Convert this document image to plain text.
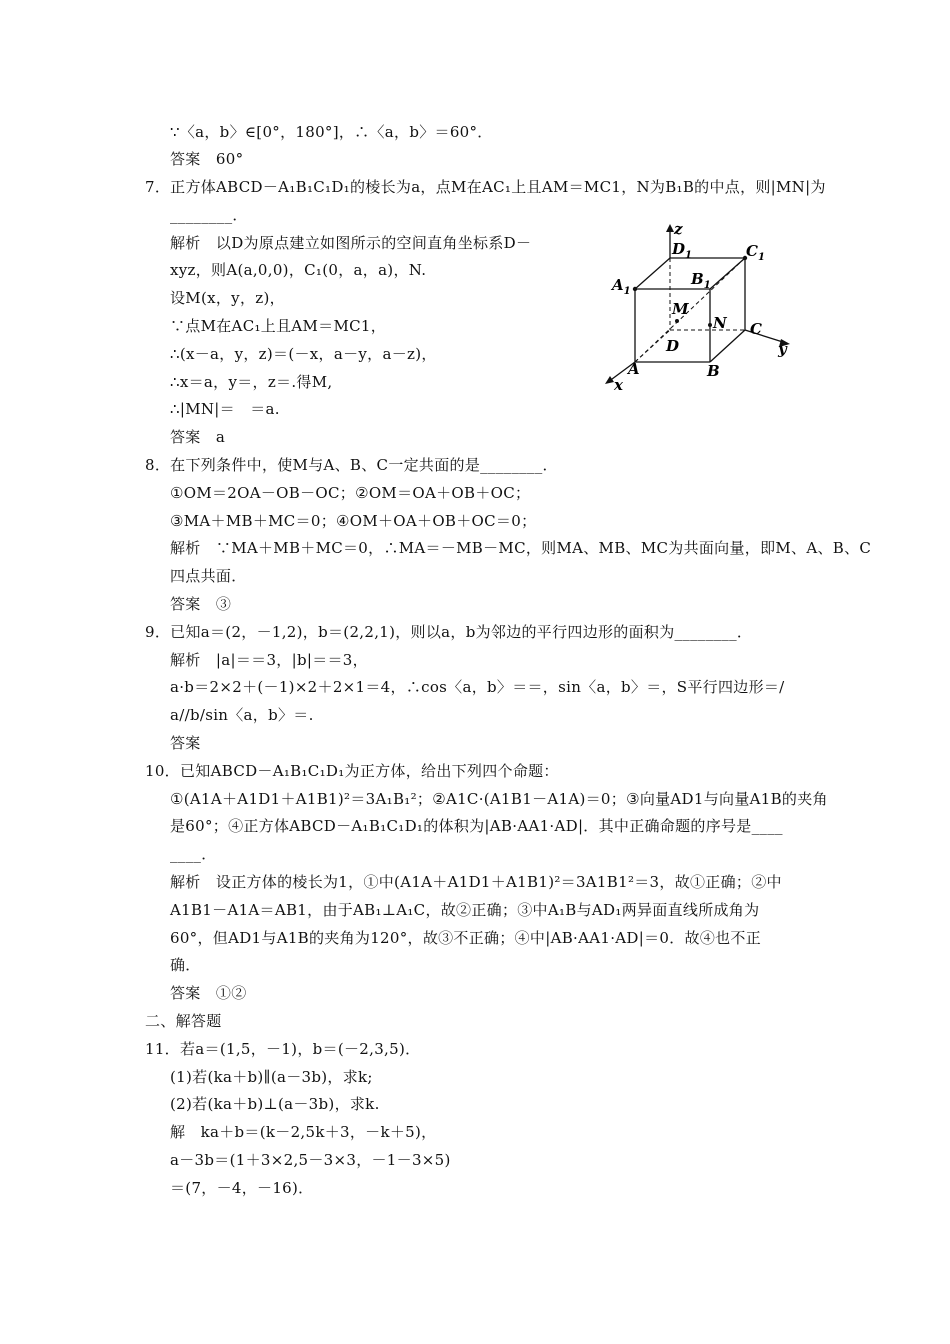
∵〈a，b〉∈[0°，180°]，∴〈a，b〉＝60°．
答案　60°
7．正方体ABCD－A₁B₁C₁D₁的棱长为a，点M在AC₁上且AM＝MC1，N为B₁B的中点，则|MN|为
________．
解析　以D为原点建立如图所示的空间直角坐标系D－
xyz，则A(a,0,0)，C₁(0，a，a)，N.
设M(x，y，z)，
∵点M在AC₁上且AM＝MC1，
∴(x－a，y，z)＝(－x，a－y，a－z)，
∴x＝a，y＝，z＝.得M,
∴|MN|＝　＝a.
答案　a
8．在下列条件中，使M与A、B、C一定共面的是________．
①OM＝2OA－OB－OC；②OM＝OA＋OB＋OC；
③MA＋MB＋MC＝0；④OM＋OA＋OB＋OC＝0；
解析　∵MA＋MB＋MC＝0，∴MA＝－MB－MC，则MA、MB、MC为共面向量，即M、A、B、C
四点共面．
答案　③
9．已知a＝(2，－1,2)，b＝(2,2,1)，则以a，b为邻边的平行四边形的面积为________．
解析　|a|＝＝3，|b|＝＝3，
a·b＝2×2＋(－1)×2＋2×1＝4，∴cos〈a，b〉＝＝，sin〈a，b〉＝，S平行四边形＝/
a//b/sin〈a，b〉＝.
答案
10．已知ABCD－A₁B₁C₁D₁为正方体，给出下列四个命题：
①(A1A＋A1D1＋A1B1)²＝3A₁B₁²；②A1C·(A1B1－A1A)＝0；③向量AD1与向量A1B的夹角
是60°；④正方体ABCD－A₁B₁C₁D₁的体积为|AB·AA1·AD|．其中正确命题的序号是____
____．
解析　设正方体的棱长为1，①中(A1A＋A1D1＋A1B1)²＝3A1B1²＝3，故①正确；②中
A1B1－A1A＝AB1，由于AB₁⊥A₁C，故②正确；③中A₁B与AD₁两异面直线所成角为
60°，但AD1与A1B的夹角为120°，故③不正确；④中|AB·AA1·AD|＝0．故④也不正
确．
答案　①②
二、解答题
11．若a＝(1,5，－1)，b＝(－2,3,5)．
(1)若(ka＋b)∥(a－3b)，求k;
(2)若(ka＋b)⊥(a－3b)，求k.
解　ka＋b＝(k－2,5k＋3，－k＋5)，
a－3b＝(1＋3×2,5－3×3，－1－3×5)
＝(7，－4，－16)．
z
y
x
A	B
C
D
$A_1$
$B_1$
$C_1$
$D_1$
M
N
